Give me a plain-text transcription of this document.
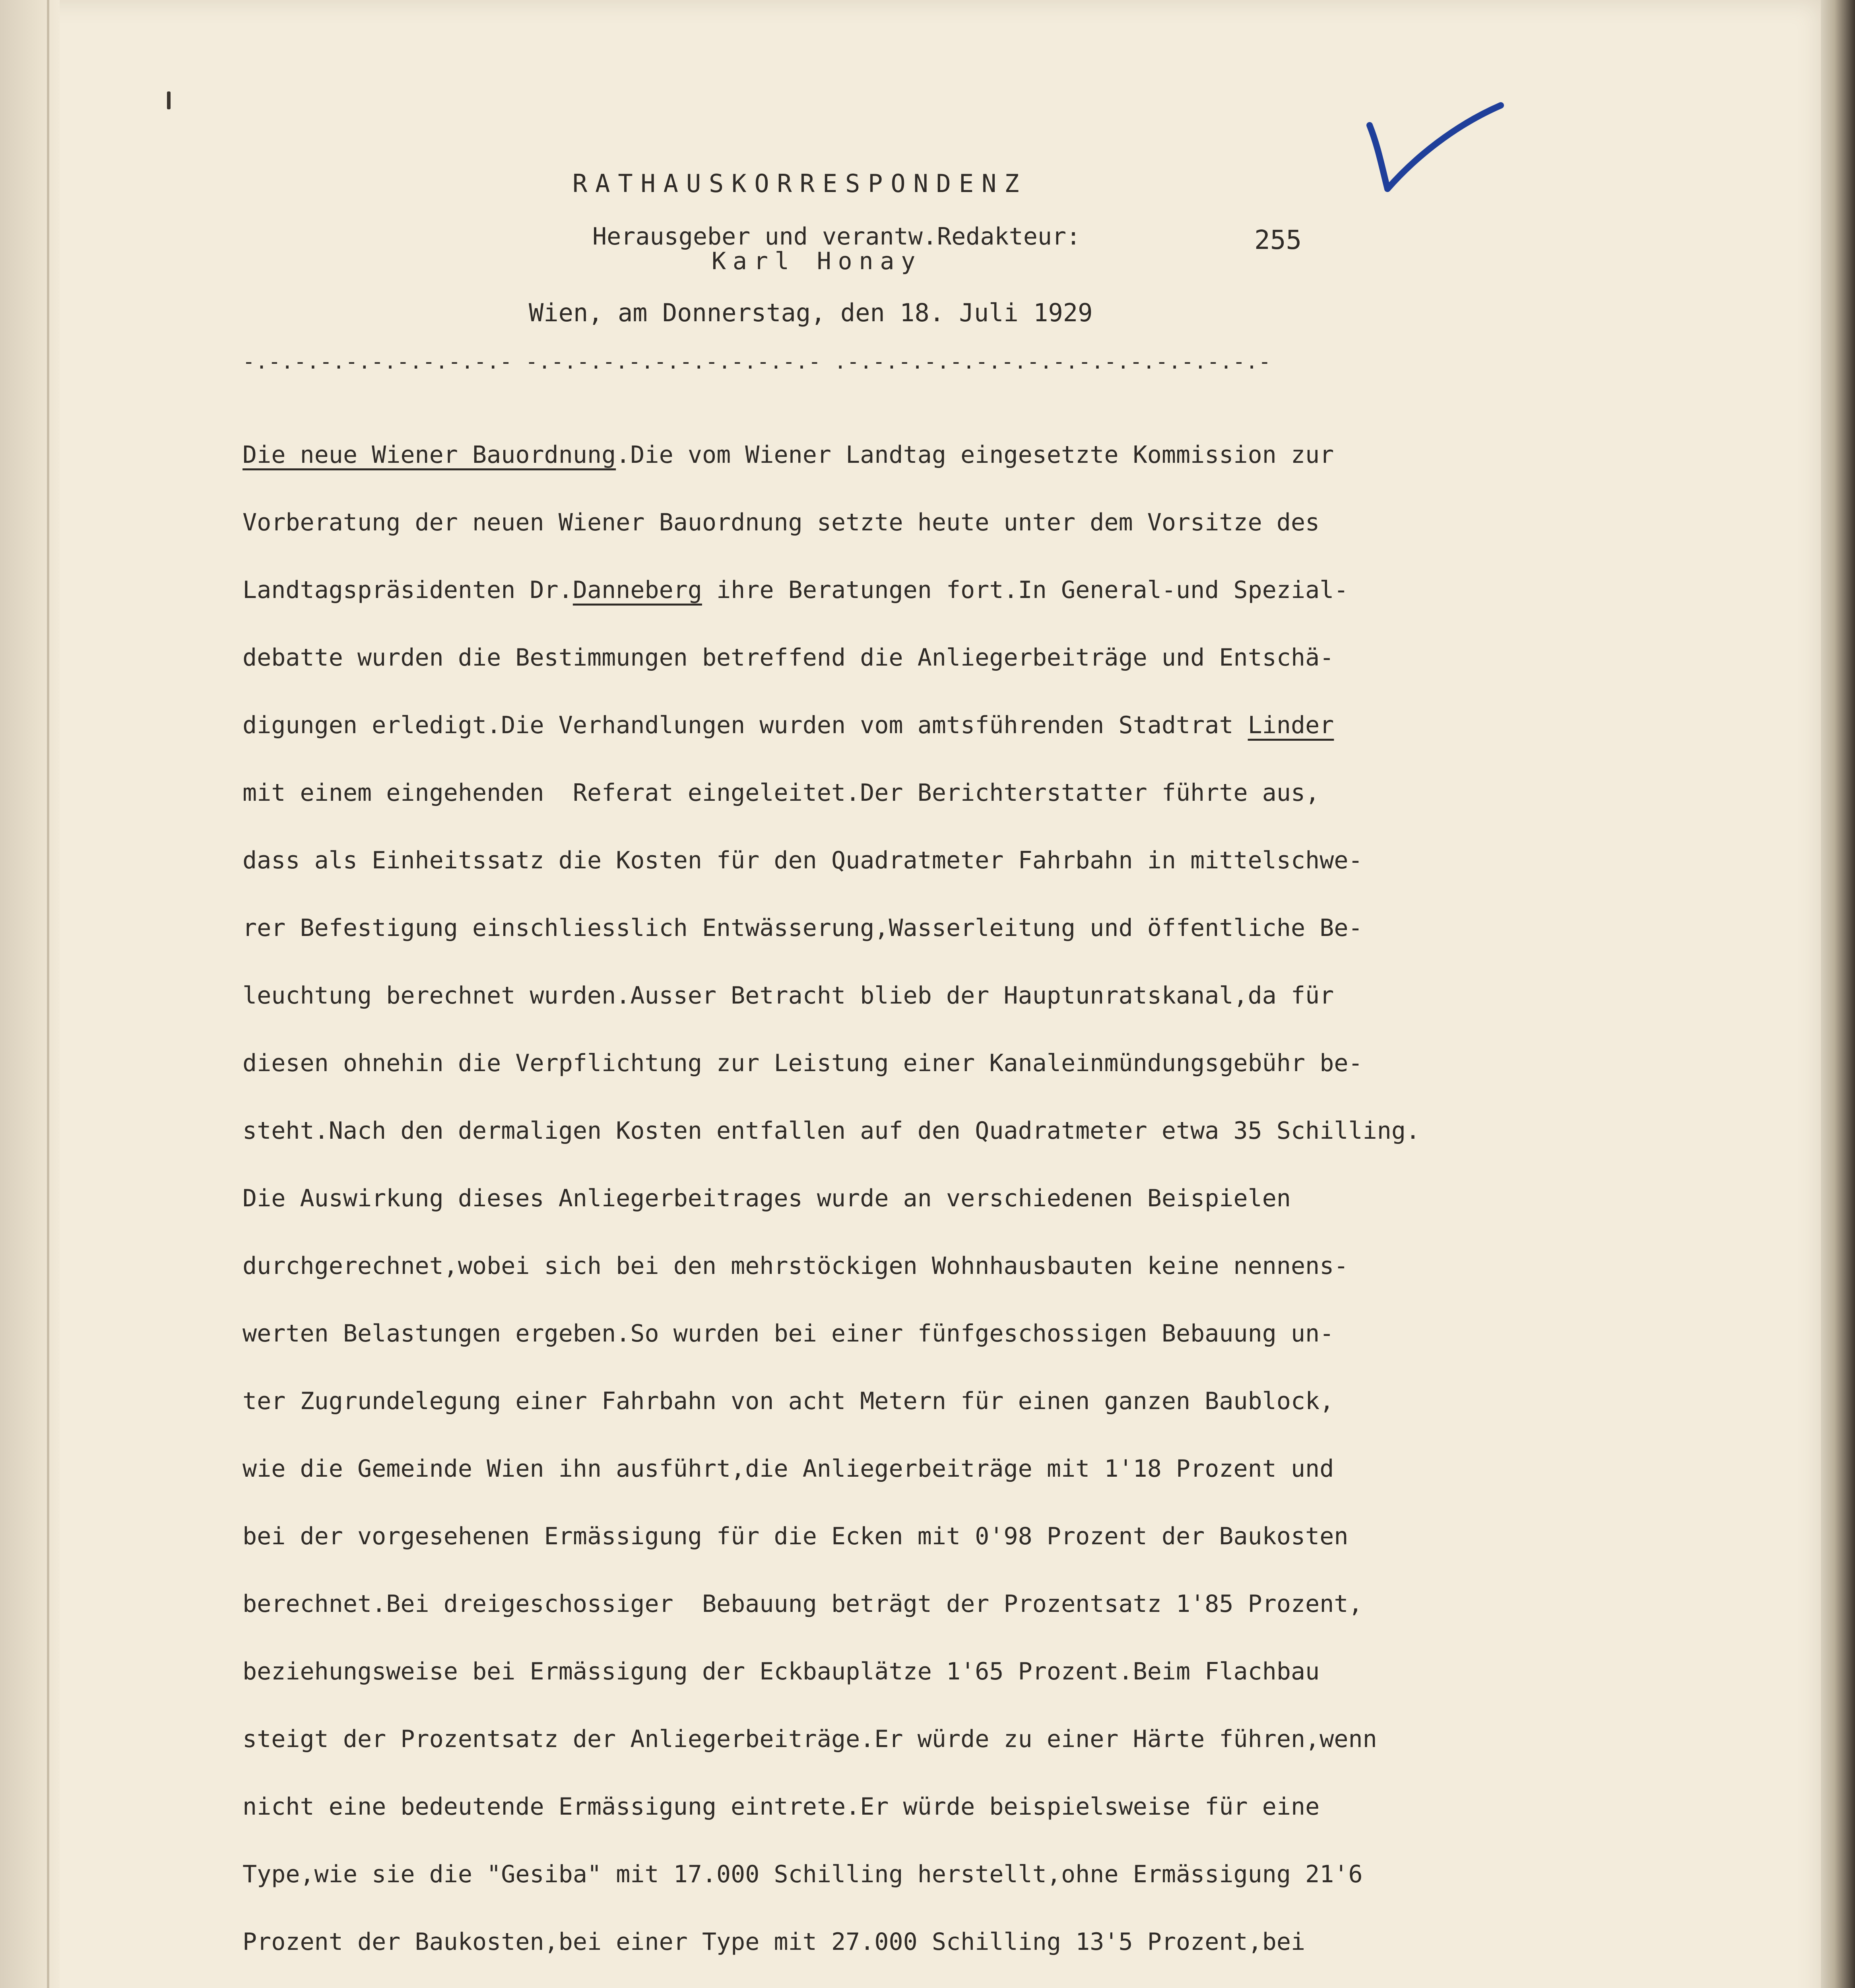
RATHAUSKORRESPONDENZ

Herausgeber und verantw.Redakteur:

Karl Honay

255

Wien, am Donnerstag, den 18. Juli 1929

-.-.-.-.-.-.-.-.-.-.- -.-.-.-.-.-.-.-.-.-.-.- .-.-.-.-.-.-.-.-.-.-.-.-.-.-.-.-.-

Die neue Wiener Bauordnung.Die vom Wiener Landtag eingesetzte Kommission zur

Vorberatung der neuen Wiener Bauordnung setzte heute unter dem Vorsitze des

Landtagspräsidenten Dr.Danneberg ihre Beratungen fort.In General-und Spezial-

debatte wurden die Bestimmungen betreffend die Anliegerbeiträge und Entschä-

digungen erledigt.Die Verhandlungen wurden vom amtsführenden Stadtrat Linder

mit einem eingehenden  Referat eingeleitet.Der Berichterstatter führte aus,

dass als Einheitssatz die Kosten für den Quadratmeter Fahrbahn in mittelschwe-

rer Befestigung einschliesslich Entwässerung,Wasserleitung und öffentliche Be-

leuchtung berechnet wurden.Ausser Betracht blieb der Hauptunratskanal,da für

diesen ohnehin die Verpflichtung zur Leistung einer Kanaleinmündungsgebühr be-

steht.Nach den dermaligen Kosten entfallen auf den Quadratmeter etwa 35 Schilling.

Die Auswirkung dieses Anliegerbeitrages wurde an verschiedenen Beispielen

durchgerechnet,wobei sich bei den mehrstöckigen Wohnhausbauten keine nennens-

werten Belastungen ergeben.So wurden bei einer fünfgeschossigen Bebauung un-

ter Zugrundelegung einer Fahrbahn von acht Metern für einen ganzen Baublock,

wie die Gemeinde Wien ihn ausführt,die Anliegerbeiträge mit 1'18 Prozent und

bei der vorgesehenen Ermässigung für die Ecken mit 0'98 Prozent der Baukosten

berechnet.Bei dreigeschossiger  Bebauung beträgt der Prozentsatz 1'85 Prozent,

beziehungsweise bei Ermässigung der Eckbauplätze 1'65 Prozent.Beim Flachbau

steigt der Prozentsatz der Anliegerbeiträge.Er würde zu einer Härte führen,wenn

nicht eine bedeutende Ermässigung eintrete.Er würde beispielsweise für eine

Type,wie sie die "Gesiba" mit 17.000 Schilling herstellt,ohne Ermässigung 21'6

Prozent der Baukosten,bei einer Type mit 27.000 Schilling 13'5 Prozent,bei
